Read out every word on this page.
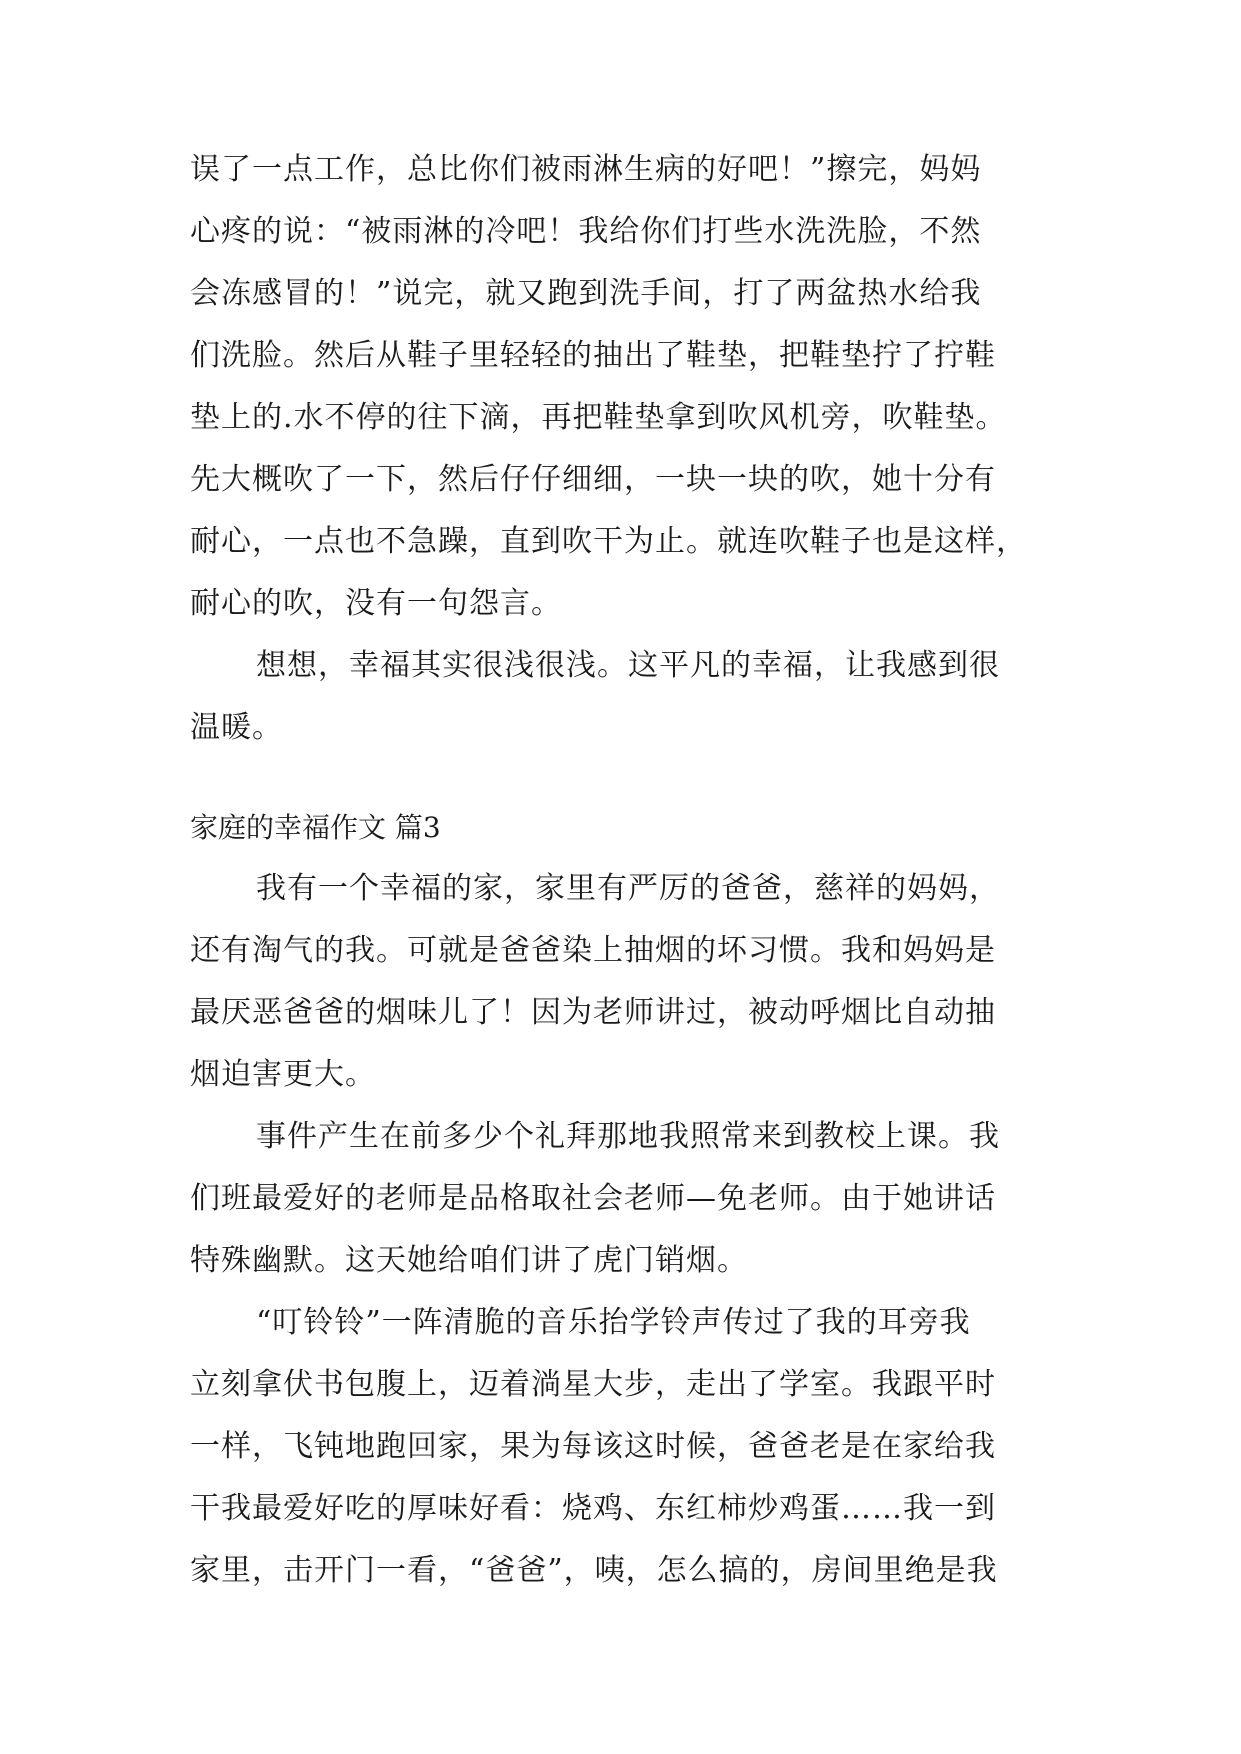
误了一点工作，总比你们被雨淋生病的好吧！”擦完，妈妈
心疼的说：“被雨淋的冷吧！我给你们打些水洗洗脸，不然
会冻感冒的！”说完，就又跑到洗手间，打了两盆热水给我
们洗脸。然后从鞋子里轻轻的抽出了鞋垫，把鞋垫拧了拧鞋
垫上的.水不停的往下滴，再把鞋垫拿到吹风机旁，吹鞋垫。
先大概吹了一下，然后仔仔细细，一块一块的吹，她十分有
耐心，一点也不急躁，直到吹干为止。就连吹鞋子也是这样，
耐心的吹，没有一句怨言。
想想，幸福其实很浅很浅。这平凡的幸福，让我感到很
温暖。
家庭的幸福作文 篇3
我有一个幸福的家，家里有严厉的爸爸，慈祥的妈妈，
还有淘气的我。可就是爸爸染上抽烟的坏习惯。我和妈妈是
最厌恶爸爸的烟味儿了！因为老师讲过，被动呼烟比自动抽
烟迫害更大。
事件产生在前多少个礼拜那地我照常来到教校上课。我
们班最爱好的老师是品格取社会老师—免老师。由于她讲话
特殊幽默。这天她给咱们讲了虎门销烟。
“叮铃铃”一阵清脆的音乐抬学铃声传过了我的耳旁我
立刻拿伏书包腹上，迈着淌星大步，走出了学室。我跟平时
一样，飞钝地跑回家，果为每该这时候，爸爸老是在家给我
干我最爱好吃的厚味好看：烧鸡、东红柿炒鸡蛋……我一到
家里，击开门一看，“爸爸”，咦，怎么搞的，房间里绝是我
